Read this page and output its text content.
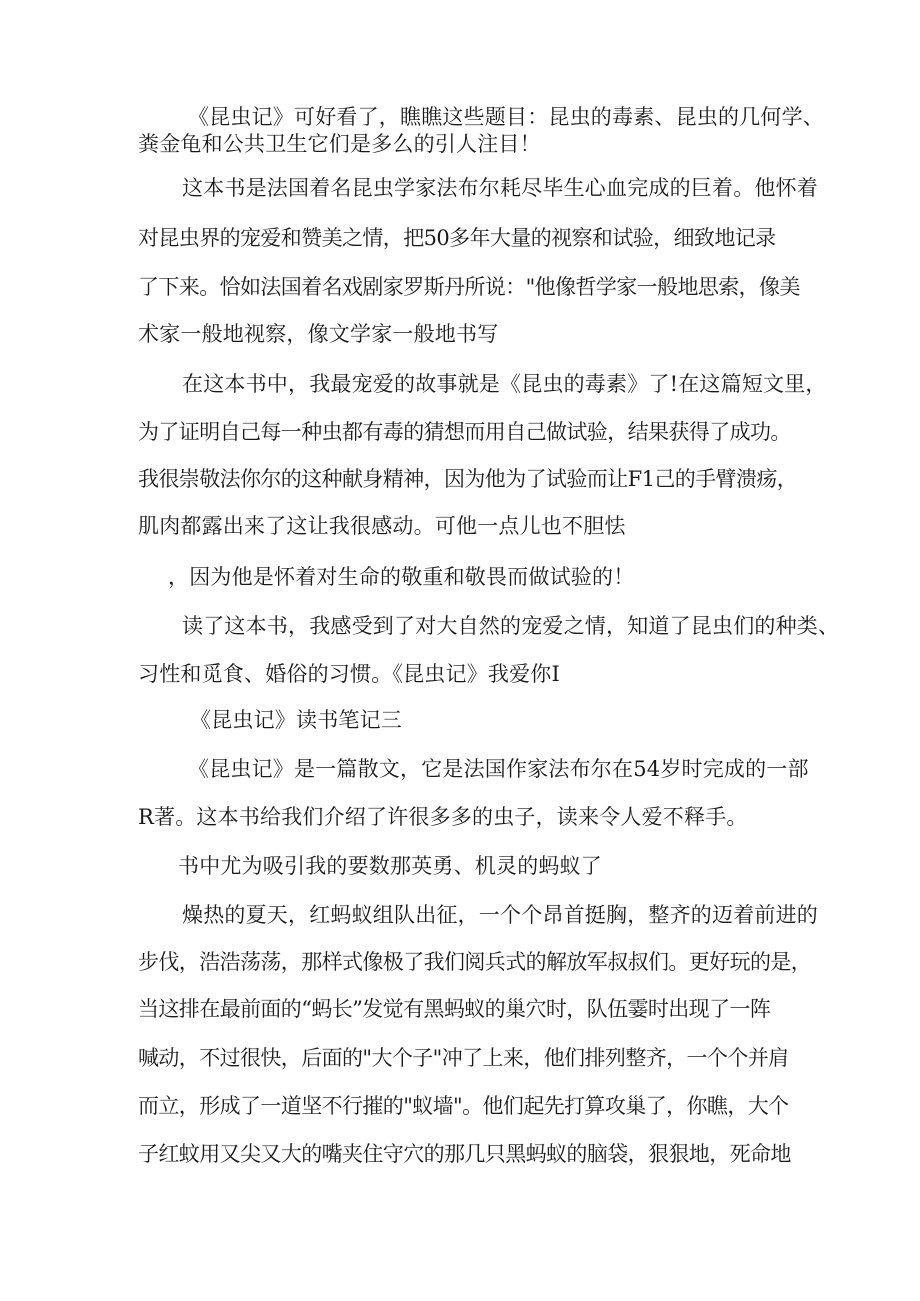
《昆虫记》可好看了，瞧瞧这些题目：昆虫的毒素、昆虫的几何学、
粪金龟和公共卫生它们是多么的引人注目！
这本书是法国着名昆虫学家法布尔耗尽毕生心血完成的巨着。他怀着
对昆虫界的宠爱和赞美之情，把50多年大量的视察和试验，细致地记录
了下来。恰如法国着名戏剧家罗斯丹所说："他像哲学家一般地思索，像美
术家一般地视察，像文学家一般地书写
在这本书中，我最宠爱的故事就是《昆虫的毒素》了!在这篇短文里，
为了证明自己每一种虫都有毒的猜想而用自己做试验，结果获得了成功。
我很崇敬法你尔的这种献身精神，因为他为了试验而让F1己的手臂溃疡，
肌肉都露出来了这让我很感动。可他一点儿也不胆怯
，因为他是怀着对生命的敬重和敬畏而做试验的！
读了这本书，我感受到了对大自然的宠爱之情，知道了昆虫们的种类、
习性和觅食、婚俗的习惯。《昆虫记》我爱你I
《昆虫记》读书笔记三
《昆虫记》是一篇散文，它是法国作家法布尔在54岁时完成的一部
R著。这本书给我们介绍了许很多多的虫子，读来令人爱不释手。
书中尤为吸引我的要数那英勇、机灵的蚂蚁了
燥热的夏天，红蚂蚁组队出征，一个个昂首挺胸，整齐的迈着前进的
步伐，浩浩荡荡，那样式像极了我们阅兵式的解放军叔叔们。更好玩的是，
当这排在最前面的“蚂长”发觉有黑蚂蚁的巢穴时，队伍霎时出现了一阵
喊动，不过很快，后面的"大个子"冲了上来，他们排列整齐，一个个并肩
而立，形成了一道坚不行摧的"蚁墙"。他们起先打算攻巢了，你瞧，大个
子红蚊用又尖又大的嘴夹住守穴的那几只黑蚂蚁的脑袋，狠狠地，死命地
